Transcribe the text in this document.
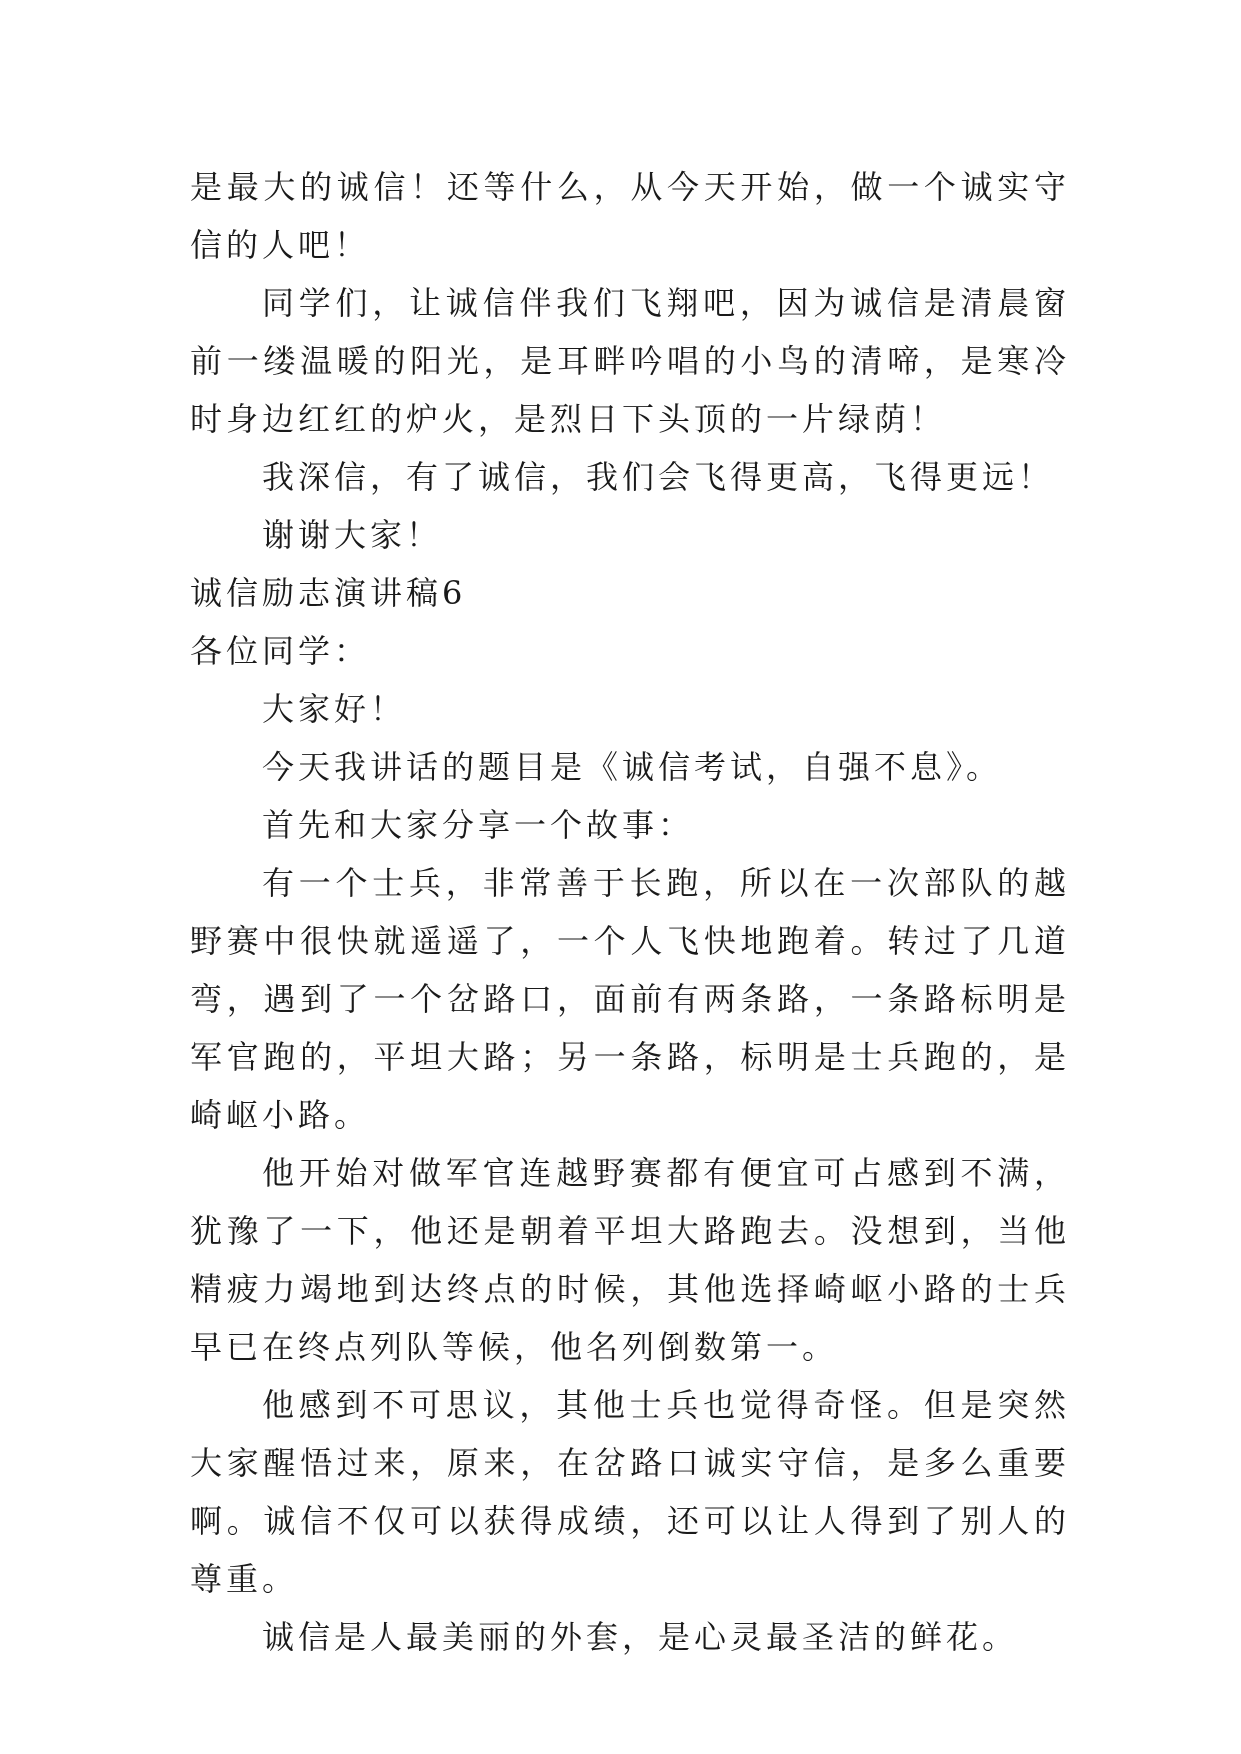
是最大的诚信！还等什么，从今天开始，做一个诚实守信的人吧！

同学们，让诚信伴我们飞翔吧，因为诚信是清晨窗前一缕温暖的阳光，是耳畔吟唱的小鸟的清啼，是寒冷时身边红红的炉火，是烈日下头顶的一片绿荫！

我深信，有了诚信，我们会飞得更高，飞得更远！

谢谢大家！

诚信励志演讲稿6

各位同学：

大家好！

今天我讲话的题目是《诚信考试，自强不息》。

首先和大家分享一个故事：

有一个士兵，非常善于长跑，所以在一次部队的越野赛中很快就遥遥了，一个人飞快地跑着。转过了几道弯，遇到了一个岔路口，面前有两条路，一条路标明是军官跑的，平坦大路；另一条路，标明是士兵跑的，是崎岖小路。

他开始对做军官连越野赛都有便宜可占感到不满，犹豫了一下，他还是朝着平坦大路跑去。没想到，当他精疲力竭地到达终点的时候，其他选择崎岖小路的士兵早已在终点列队等候，他名列倒数第一。

他感到不可思议，其他士兵也觉得奇怪。但是突然大家醒悟过来，原来，在岔路口诚实守信，是多么重要啊。诚信不仅可以获得成绩，还可以让人得到了别人的尊重。

诚信是人最美丽的外套，是心灵最圣洁的鲜花。
